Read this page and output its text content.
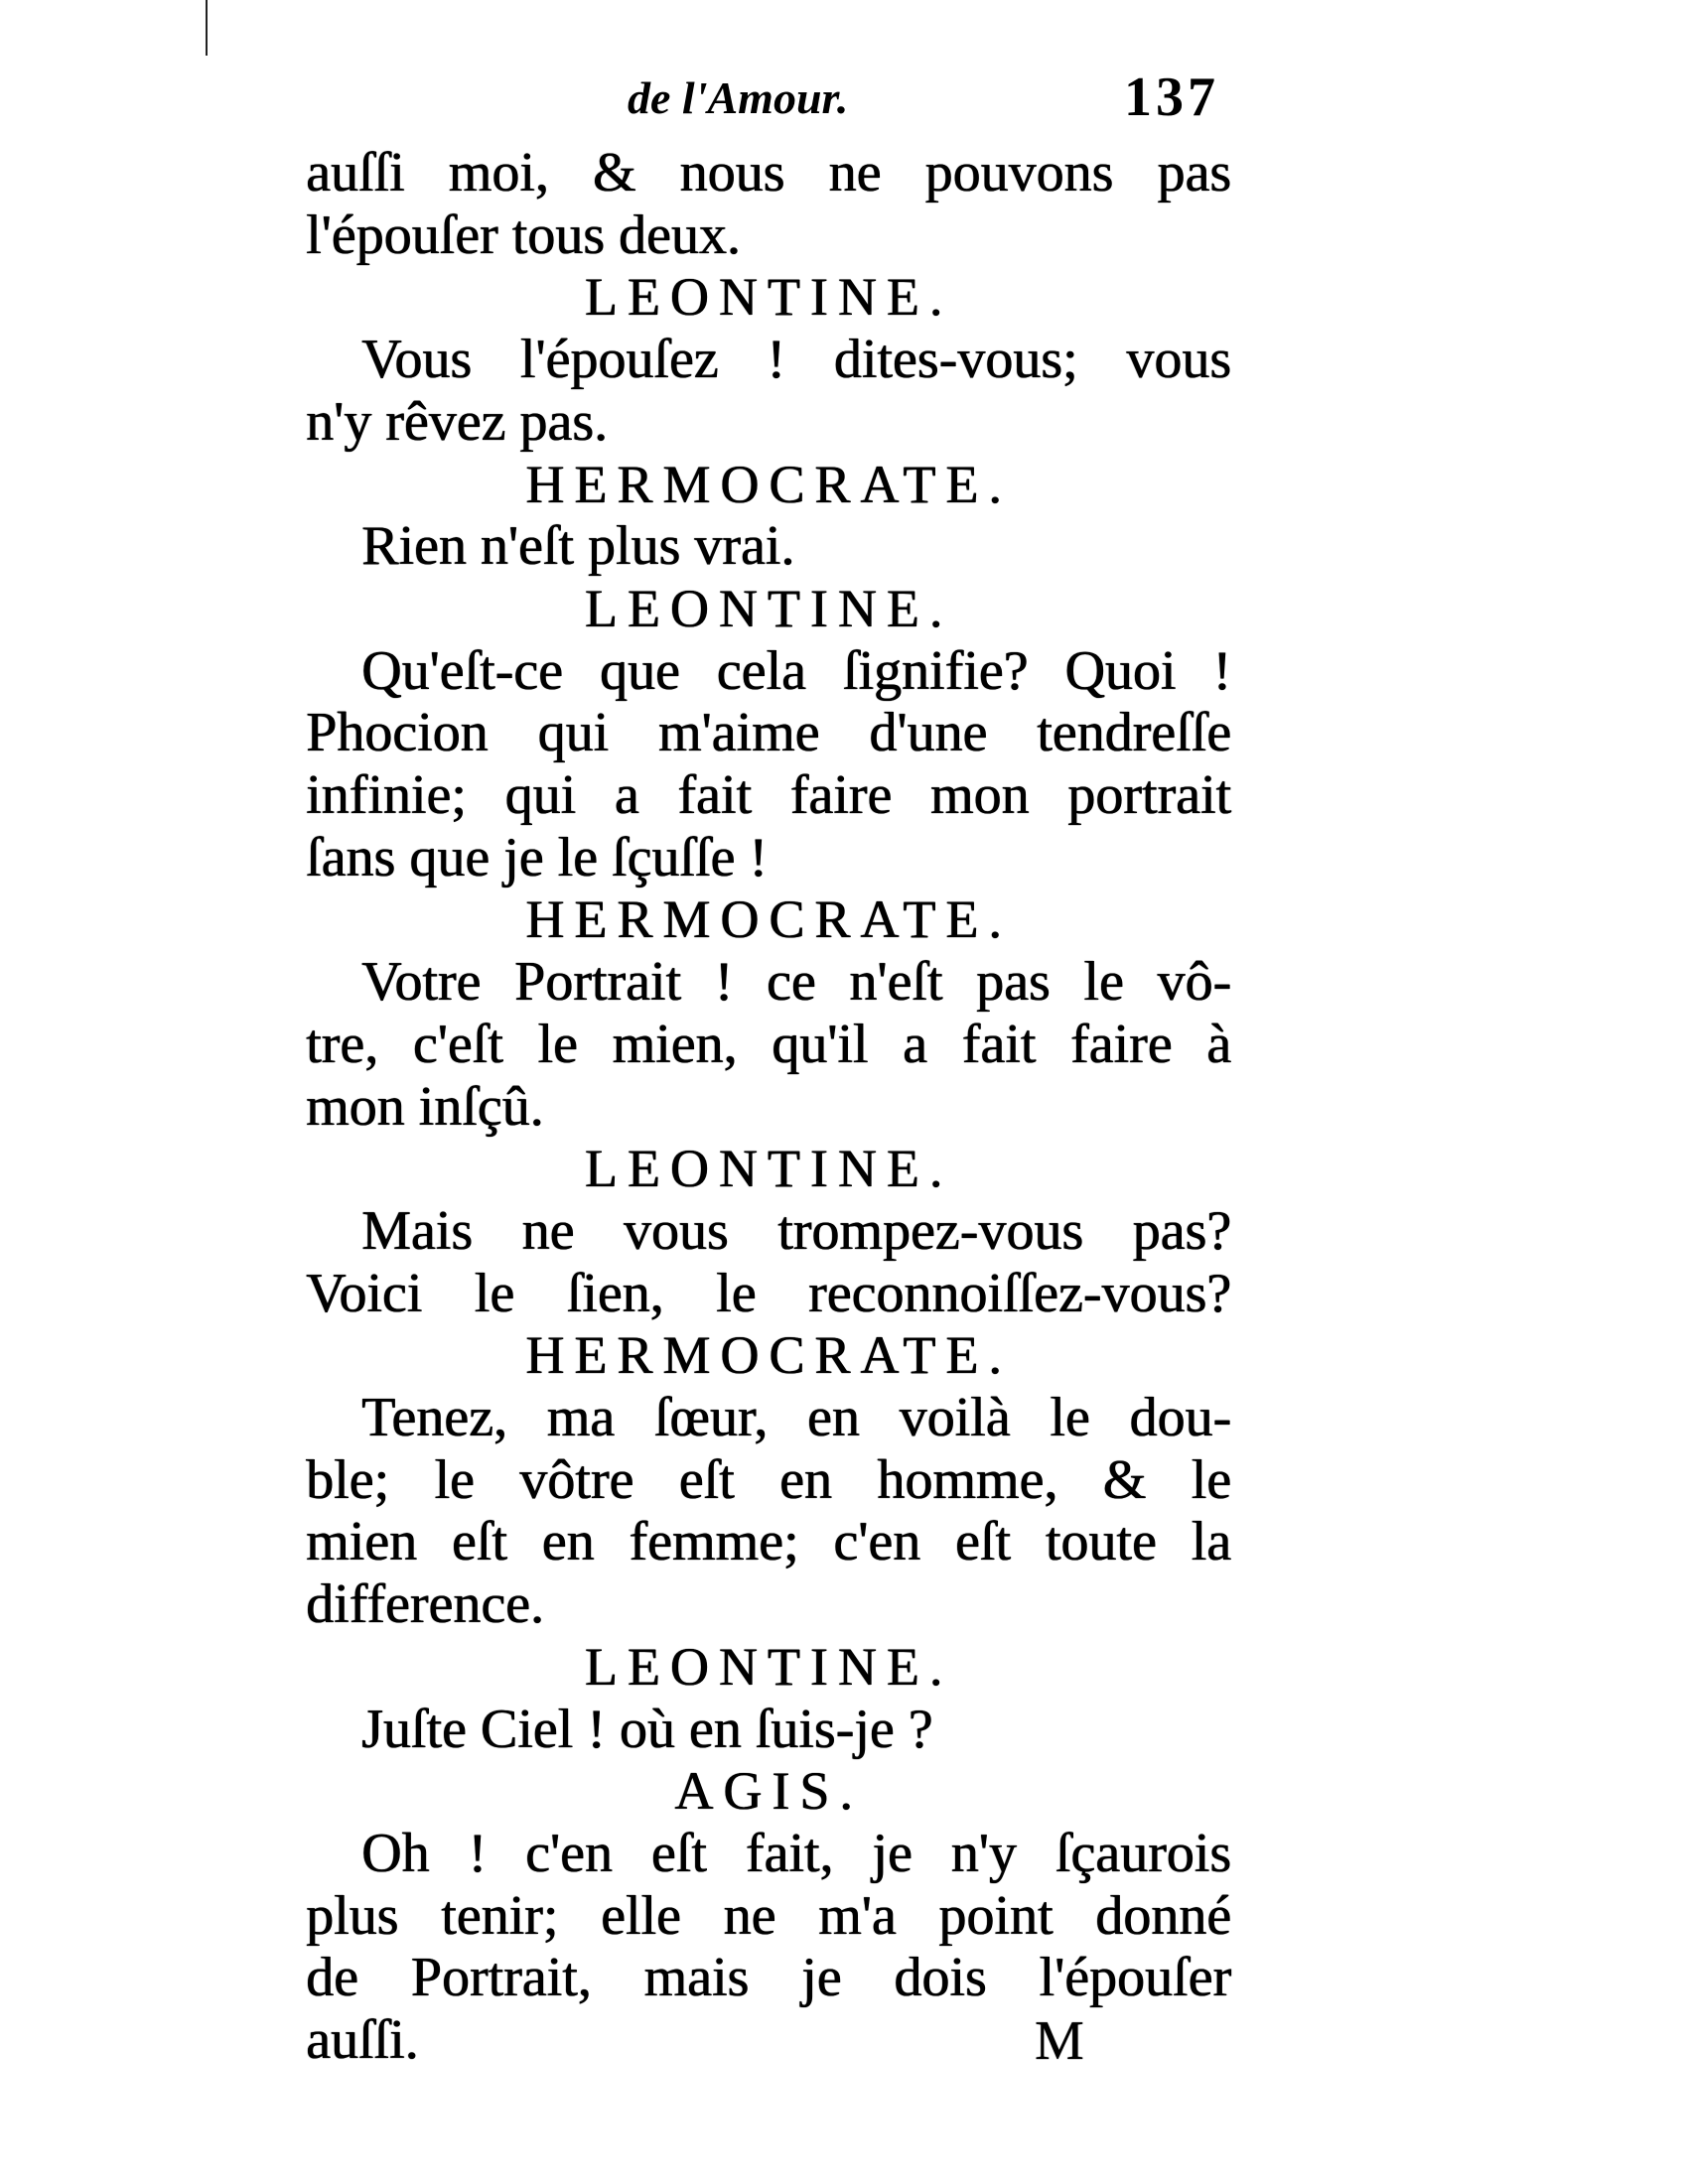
de l'Amour.	137
auſſi moi, & nous ne pouvons pas
l'épouſer tous deux.
LEONTINE.
Vous l'épouſez ! dites-vous; vous
n'y rêvez pas.
HERMOCRATE.
Rien n'eſt plus vrai.
LEONTINE.
Qu'eſt-ce que cela ſignifie? Quoi !
Phocion qui m'aime d'une tendreſſe
infinie; qui a fait faire mon portrait
ſans que je le ſçuſſe !
HERMOCRATE.
Votre Portrait ! ce n'eſt pas le vô-
tre, c'eſt le mien, qu'il a fait faire à
mon inſçû.
LEONTINE.
Mais ne vous trompez-vous pas?
Voici le ſien, le reconnoiſſez-vous?
HERMOCRATE.
Tenez, ma ſœur, en voilà le dou-
ble; le vôtre eſt en homme, & le
mien eſt en femme; c'en eſt toute la
difference.
LEONTINE.
Juſte Ciel ! où en ſuis-je ?
AGIS.
Oh ! c'en eſt fait, je n'y ſçaurois
plus tenir; elle ne m'a point donné
de Portrait, mais je dois l'épouſer
auſſi.	M
